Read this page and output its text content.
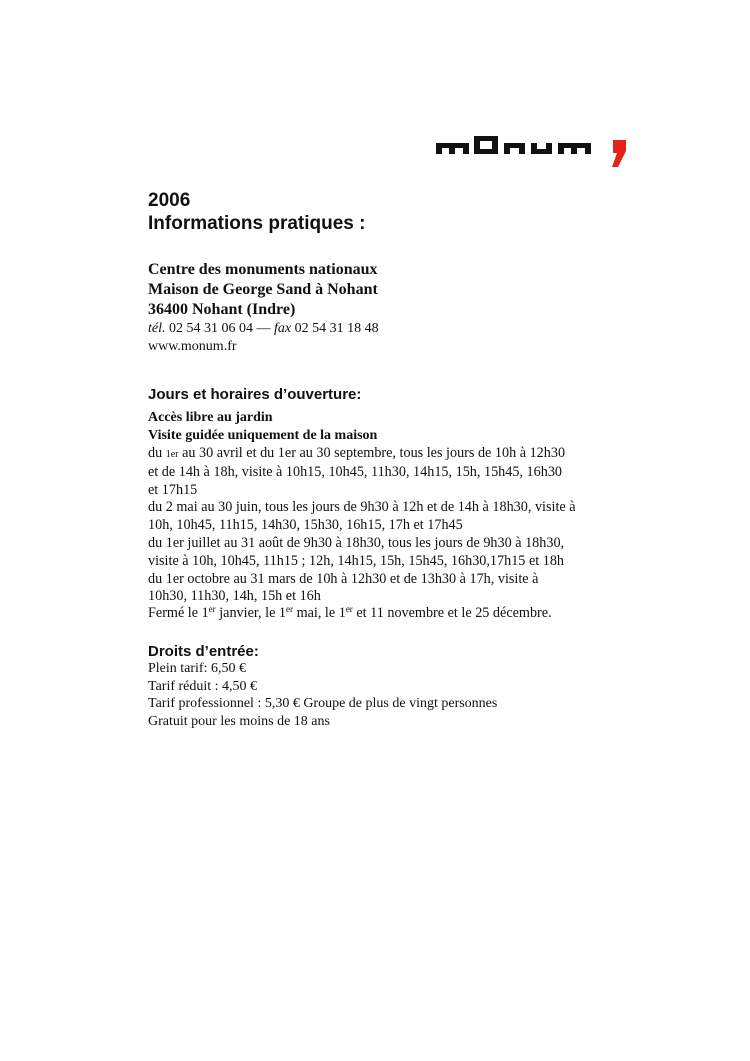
2006
Informations pratiques :
Centre des monuments nationaux
Maison de George Sand à Nohant
36400 Nohant (Indre)
tél. 02 54 31 06 04 — fax 02 54 31 18 48
www.monum.fr
Jours et horaires d’ouverture:
Accès libre au jardin
Visite guidée uniquement de la maison
du 1er au 30 avril et du 1er au 30 septembre, tous les jours de 10h à 12h30
et de 14h à 18h, visite à 10h15, 10h45, 11h30, 14h15, 15h, 15h45, 16h30
et 17h15
du 2 mai au 30 juin, tous les jours de 9h30 à 12h et de 14h à 18h30, visite à
10h, 10h45, 11h15, 14h30, 15h30, 16h15, 17h et 17h45
du 1er juillet au 31 août de 9h30 à 18h30, tous les jours de 9h30 à 18h30,
visite à 10h, 10h45, 11h15 ; 12h, 14h15, 15h, 15h45, 16h30,17h15 et 18h
du 1er octobre au 31 mars de 10h à 12h30 et de 13h30 à 17h, visite à
10h30, 11h30, 14h, 15h et 16h
Fermé le 1er janvier, le 1er mai, le 1er et 11 novembre et le 25 décembre.
Droits d’entrée:
Plein tarif: 6,50 €
Tarif réduit : 4,50 €
Tarif professionnel : 5,30 € Groupe de plus de vingt personnes
Gratuit pour les moins de 18 ans
